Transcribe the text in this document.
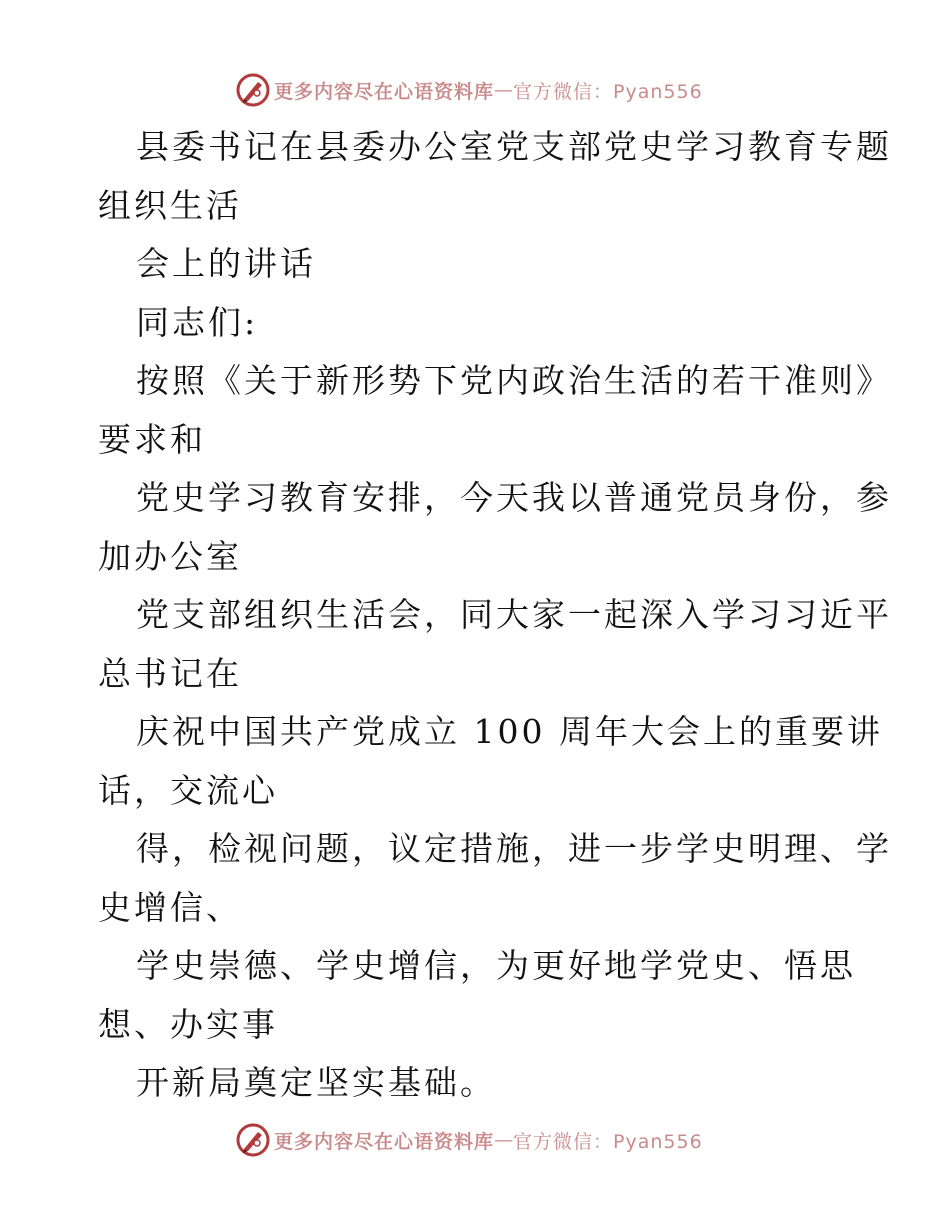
更多内容尽在心语资料库 — 官方微信：Pyan556
县委书记在县委办公室党支部党史学习教育专题
组织生活
会上的讲话
同志们:
按照《关于新形势下党内政治生活的若干准则》
要求和
党史学习教育安排，今天我以普通党员身份，参
加办公室
党支部组织生活会，同大家一起深入学习习近平
总书记在
庆祝中国共产党成立 100 周年大会上的重要讲
话，交流心
得，检视问题，议定措施，进一步学史明理、学
史增信、
学史崇德、学史增信，为更好地学党史、悟思
想、办实事
开新局奠定坚实基础。
更多内容尽在心语资料库 — 官方微信：Pyan556
